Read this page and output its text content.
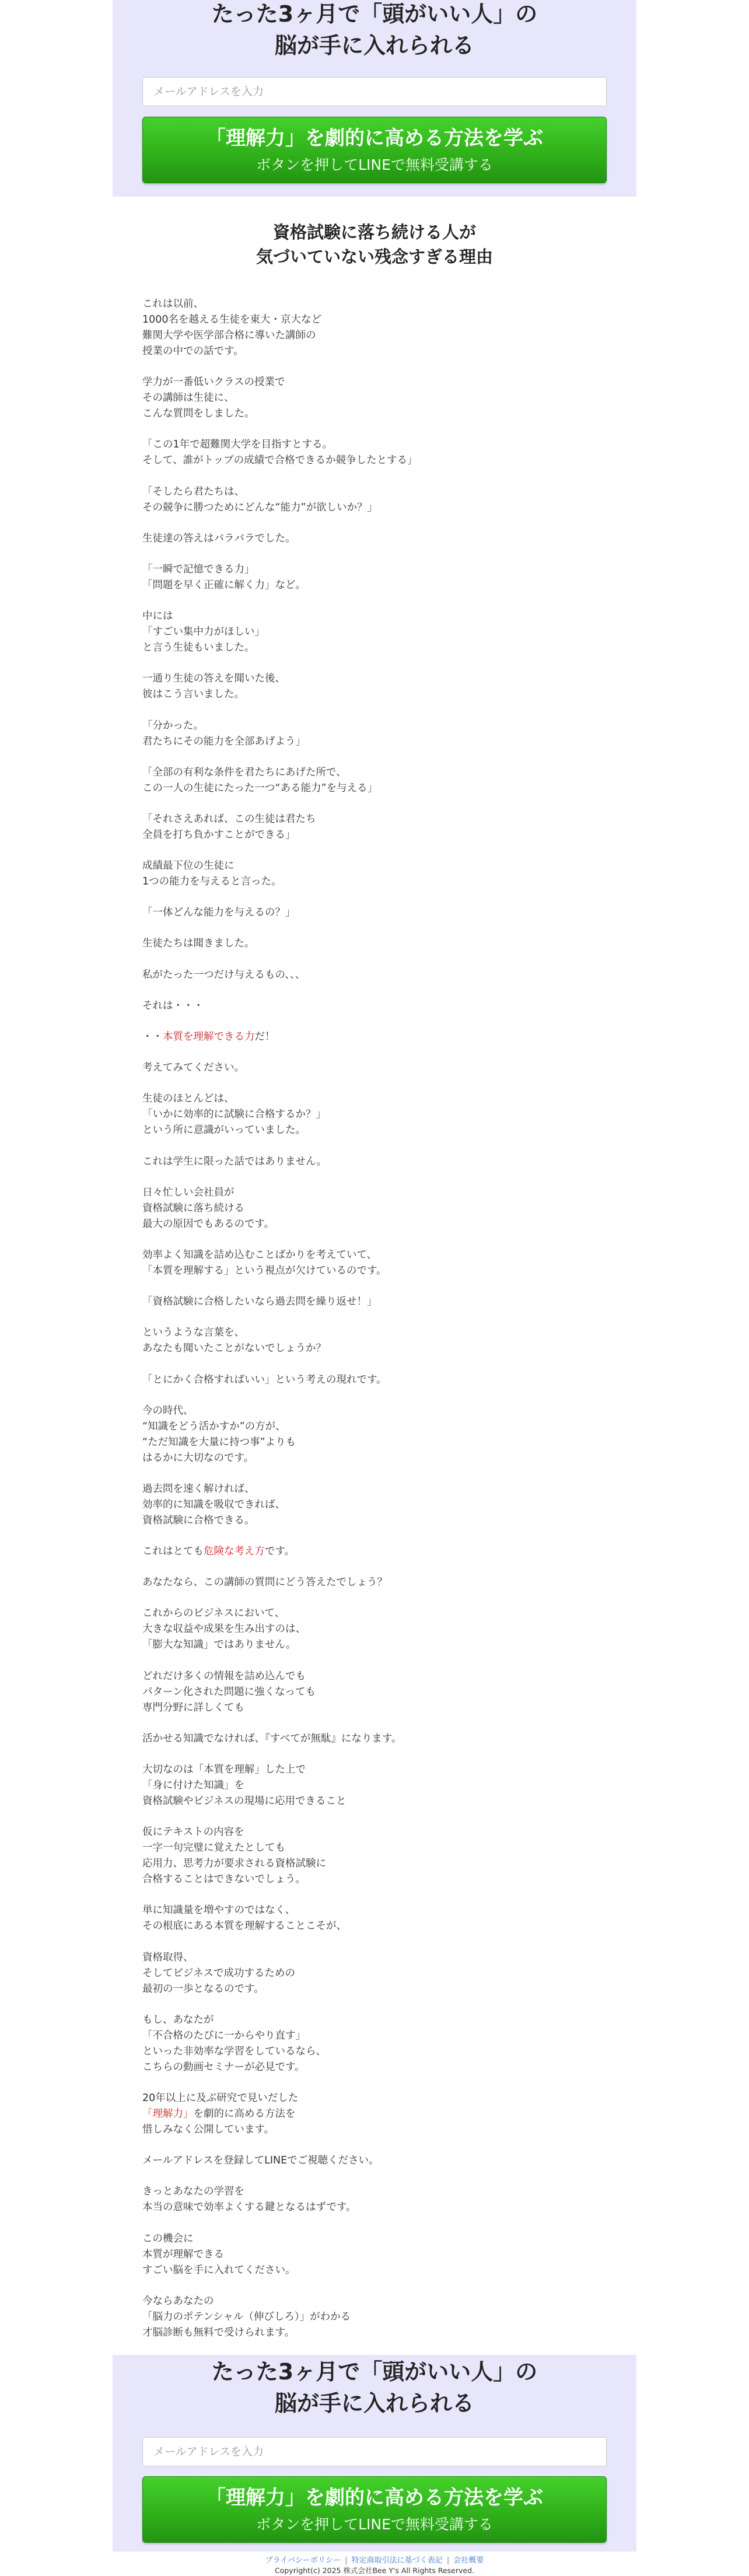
たった3ヶ月で「頭がいい人」の
脳が手に入れられる
メールアドレスを入力
「理解力」を劇的に高める方法を学ぶ
ボタンを押してLINEで無料受講する
資格試験に落ち続ける人が
気づいていない残念すぎる理由

これは以前、
1000名を越える生徒を東大・京大など
難関大学や医学部合格に導いた講師の
授業の中での話です。

学力が一番低いクラスの授業で
その講師は生徒に、
こんな質問をしました。

「この1年で超難関大学を目指すとする。
そして、誰がトップの成績で合格できるか競争したとする」

「そしたら君たちは、
その競争に勝つためにどんな“能力”が欲しいか？」

生徒達の答えはバラバラでした。

「一瞬で記憶できる力」
「問題を早く正確に解く力」など。

中には
「すごい集中力がほしい」
と言う生徒もいました。

一通り生徒の答えを聞いた後、
彼はこう言いました。

「分かった。
君たちにその能力を全部あげよう」

「全部の有利な条件を君たちにあげた所で、
この一人の生徒にたった一つ“ある能力”を与える」

「それさえあれば、この生徒は君たち
全員を打ち負かすことができる」

成績最下位の生徒に
1つの能力を与えると言った。

「一体どんな能力を与えるの？」

生徒たちは聞きました。

私がたった一つだけ与えるもの、、、

それは・・・

・・本質を理解できる力だ！

考えてみてください。

生徒のほとんどは、
「いかに効率的に試験に合格するか？」
という所に意識がいっていました。

これは学生に限った話ではありません。

日々忙しい会社員が
資格試験に落ち続ける
最大の原因でもあるのです。

効率よく知識を詰め込むことばかりを考えていて、
「本質を理解する」という視点が欠けているのです。

「資格試験に合格したいなら過去問を繰り返せ！」

というような言葉を、
あなたも聞いたことがないでしょうか？

「とにかく合格すればいい」という考えの現れです。

今の時代、
“知識をどう活かすか”の方が、
“ただ知識を大量に持つ事”よりも
はるかに大切なのです。

過去問を速く解ければ、
効率的に知識を吸収できれば、
資格試験に合格できる。

これはとても危険な考え方です。

あなたなら、この講師の質問にどう答えたでしょう？

これからのビジネスにおいて、
大きな収益や成果を生み出すのは、
「膨大な知識」ではありません。

どれだけ多くの情報を詰め込んでも
パターン化された問題に強くなっても
専門分野に詳しくても

活かせる知識でなければ、『すべてが無駄』になります。

大切なのは「本質を理解」した上で
「身に付けた知識」を
資格試験やビジネスの現場に応用できること

仮にテキストの内容を
一字一句完璧に覚えたとしても
応用力、思考力が要求される資格試験に
合格することはできないでしょう。

単に知識量を増やすのではなく、
その根底にある本質を理解することこそが、

資格取得、
そしてビジネスで成功するための
最初の一歩となるのです。

もし、あなたが
「不合格のたびに一からやり直す」
といった非効率な学習をしているなら、
こちらの動画セミナーが必見です。

20年以上に及ぶ研究で見いだした
「理解力」を劇的に高める方法を
惜しみなく公開しています。

メールアドレスを登録してLINEでご視聴ください。

きっとあなたの学習を
本当の意味で効率よくする鍵となるはずです。

この機会に
本質が理解できる
すごい脳を手に入れてください。

今ならあなたの
「脳力のポテンシャル（伸びしろ）」がわかる
才脳診断も無料で受けられます。

たった3ヶ月で「頭がいい人」の
脳が手に入れられる
メールアドレスを入力
「理解力」を劇的に高める方法を学ぶ
ボタンを押してLINEで無料受講する
プライバシーポリシー | 特定商取引法に基づく表記 | 会社概要
Copyright(c) 2025 株式会社Bee Y's All Rights Reserved.
